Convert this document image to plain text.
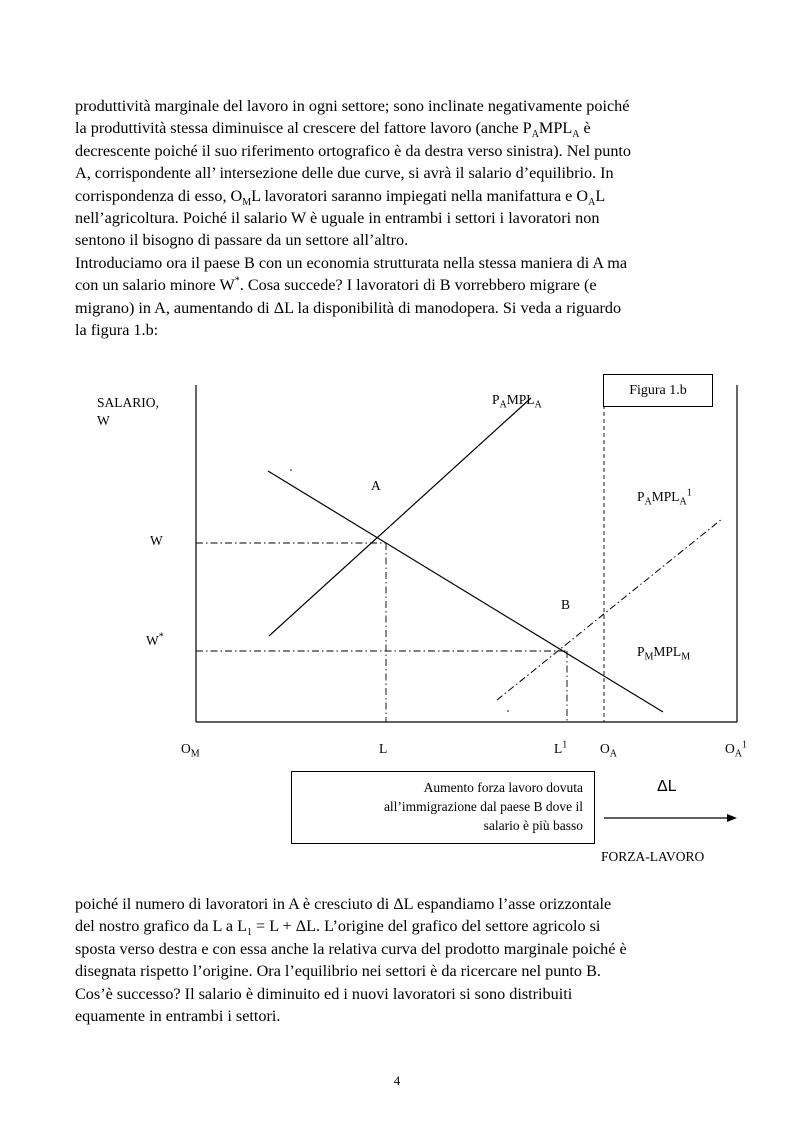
produttività marginale del lavoro in ogni settore; sono inclinate negativamente poiché
la produttività stessa diminuisce al crescere del fattore lavoro (anche $P_AMPL_A$ è
decrescente poiché il suo riferimento ortografico è da destra verso sinistra). Nel punto
A, corrispondente all’ intersezione delle due curve, si avrà il salario d’equilibrio. In
corrispondenza di esso, $O_ML$ lavoratori saranno impiegati nella manifattura e $O_AL$
nell’agricoltura. Poiché il salario W è uguale in entrambi i settori i lavoratori non
sentono il bisogno di passare da un settore all’altro.
Introduciamo ora il paese B con un economia strutturata nella stessa maniera di A ma
con un salario minore W*. Cosa succede? I lavoratori di B vorrebbero migrare (e
migrano) in A, aumentando di ΔL la disponibilità di manodopera. Si veda a riguardo
la figura 1.b:
Figura 1.b
SALARIO,
W
W
W*
A
B
$P_AMPL_A$
$P_AMPL_A^1$
$P_MMPL_M$
$O_M$	L	$L^1$ $O_A$	$O_A^1$
Aumento forza lavoro dovuta
all’immigrazione dal paese B dove il
salario è più basso
ΔL
FORZA-LAVORO
poiché il numero di lavoratori in A è cresciuto di ΔL espandiamo l’asse orizzontale
del nostro grafico da L a $L_1 = L + \Delta L$. L’origine del grafico del settore agricolo si
sposta verso destra e con essa anche la relativa curva del prodotto marginale poiché è
disegnata rispetto l’origine. Ora l’equilibrio nei settori è da ricercare nel punto B.
Cos’è successo? Il salario è diminuito ed i nuovi lavoratori si sono distribuiti
equamente in entrambi i settori.
4
